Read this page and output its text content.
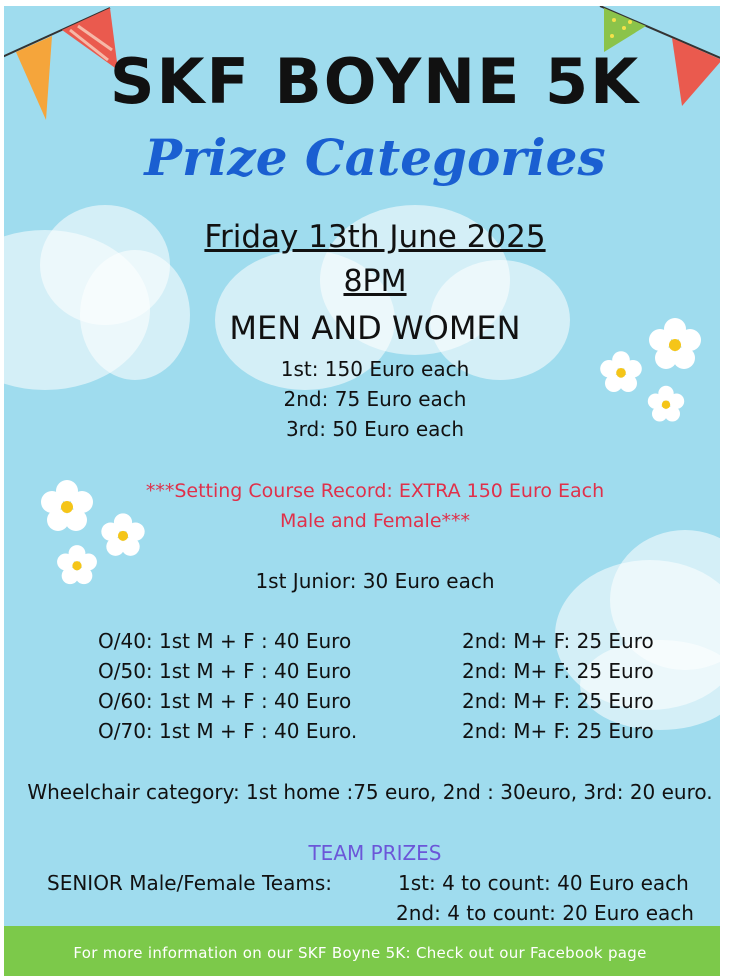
SKF BOYNE 5K
Prize Categories
Friday 13th June 2025
8PM
MEN AND WOMEN
1st: 150 Euro each
2nd: 75 Euro each
3rd: 50 Euro each
***Setting Course Record: EXTRA 150 Euro Each
Male and Female***
1st Junior: 30 Euro each
O/40: 1st M + F : 40 Euro	2nd: M+ F: 25 Euro
O/50: 1st M + F : 40 Euro	2nd: M+ F: 25 Euro
O/60: 1st M + F : 40 Euro	2nd: M+ F: 25 Euro
O/70: 1st M + F : 40 Euro.	2nd: M+ F: 25 Euro
Wheelchair category: 1st home :75 euro, 2nd : 30euro, 3rd: 20 euro.
TEAM PRIZES
SENIOR Male/Female Teams:	1st: 4 to count: 40 Euro each
2nd: 4 to count: 20 Euro each
For more information on our SKF Boyne 5K: Check out our Facebook page
